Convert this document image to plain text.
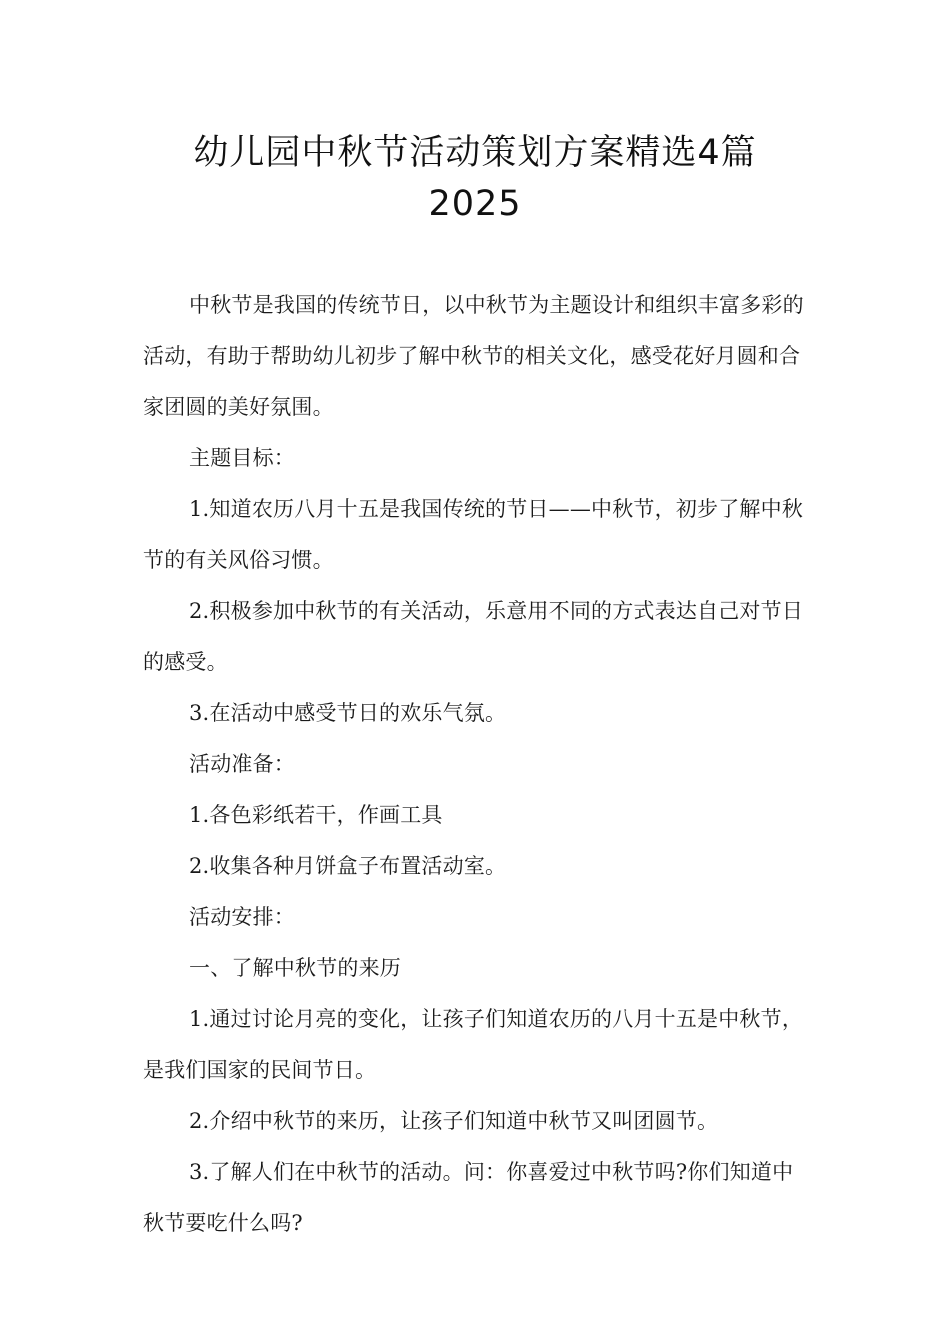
幼儿园中秋节活动策划方案精选4篇
2025

中秋节是我国的传统节日，以中秋节为主题设计和组织丰富多彩的活动，有助于帮助幼儿初步了解中秋节的相关文化，感受花好月圆和合家团圆的美好氛围。

主题目标：

1.知道农历八月十五是我国传统的节日——中秋节，初步了解中秋节的有关风俗习惯。

2.积极参加中秋节的有关活动，乐意用不同的方式表达自己对节日的感受。

3.在活动中感受节日的欢乐气氛。

活动准备：

1.各色彩纸若干，作画工具

2.收集各种月饼盒子布置活动室。

活动安排：

一、了解中秋节的来历

1.通过讨论月亮的变化，让孩子们知道农历的八月十五是中秋节，是我们国家的民间节日。

2.介绍中秋节的来历，让孩子们知道中秋节又叫团圆节。

3.了解人们在中秋节的活动。问：你喜爱过中秋节吗?你们知道中秋节要吃什么吗?
